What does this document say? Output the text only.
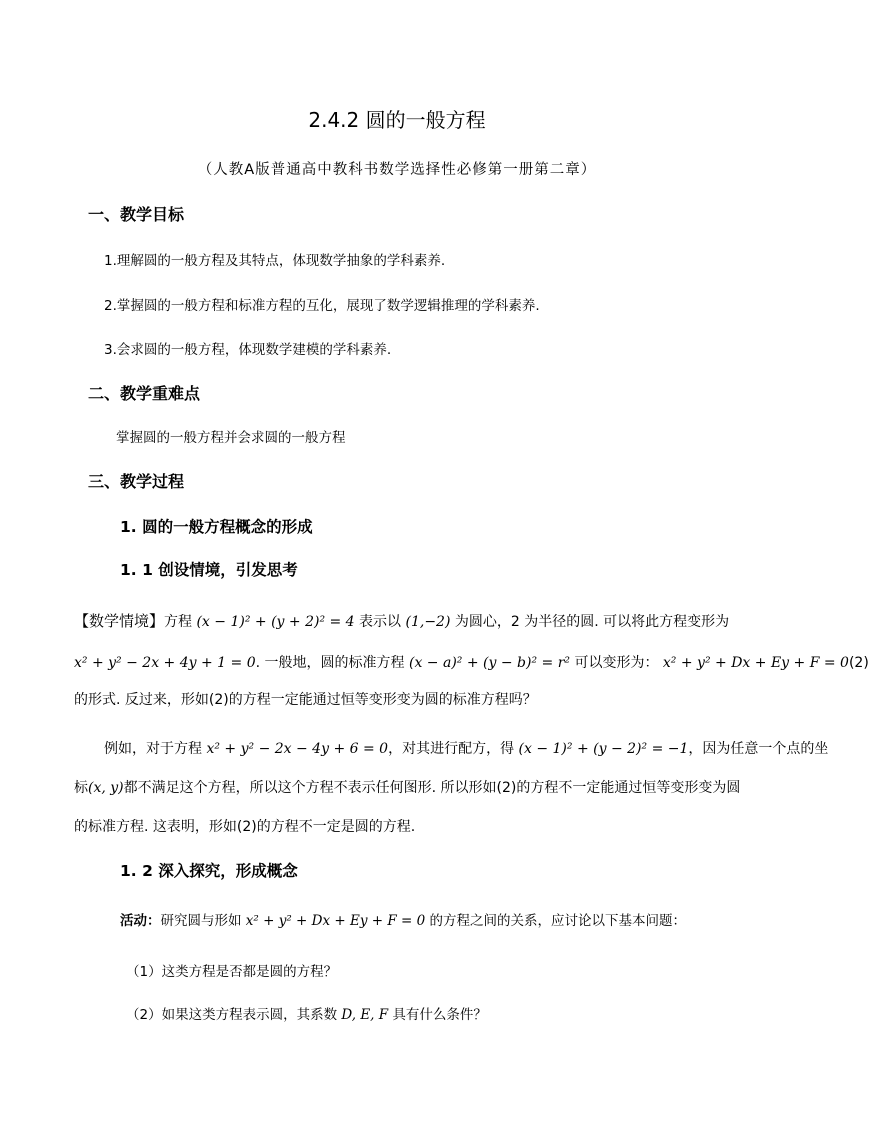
2.4.2 圆的一般方程
（人教A版普通高中教科书数学选择性必修第一册第二章）
一、教学目标
1.理解圆的一般方程及其特点，体现数学抽象的学科素养.
2.掌握圆的一般方程和标准方程的互化，展现了数学逻辑推理的学科素养.
3.会求圆的一般方程，体现数学建模的学科素养.
二、教学重难点
掌握圆的一般方程并会求圆的一般方程
三、教学过程
1. 圆的一般方程概念的形成
1. 1 创设情境，引发思考
【数学情境】方程 (x − 1)² + (y + 2)² = 4 表示以 (1,−2) 为圆心，2 为半径的圆. 可以将此方程变形为
x² + y² − 2x + 4y + 1 = 0. 一般地，圆的标准方程 (x − a)² + (y − b)² = r² 可以变形为： x² + y² + Dx + Ey + F = 0(2)
的形式. 反过来，形如(2)的方程一定能通过恒等变形变为圆的标准方程吗？
例如，对于方程 x² + y² − 2x − 4y + 6 = 0，对其进行配方，得 (x − 1)² + (y − 2)² = −1，因为任意一个点的坐
标(x, y)都不满足这个方程，所以这个方程不表示任何图形. 所以形如(2)的方程不一定能通过恒等变形变为圆
的标准方程. 这表明，形如(2)的方程不一定是圆的方程.
1. 2 深入探究，形成概念
活动：研究圆与形如 x² + y² + Dx + Ey + F = 0 的方程之间的关系，应讨论以下基本问题：
（1）这类方程是否都是圆的方程？
（2）如果这类方程表示圆，其系数 D, E, F 具有什么条件？
